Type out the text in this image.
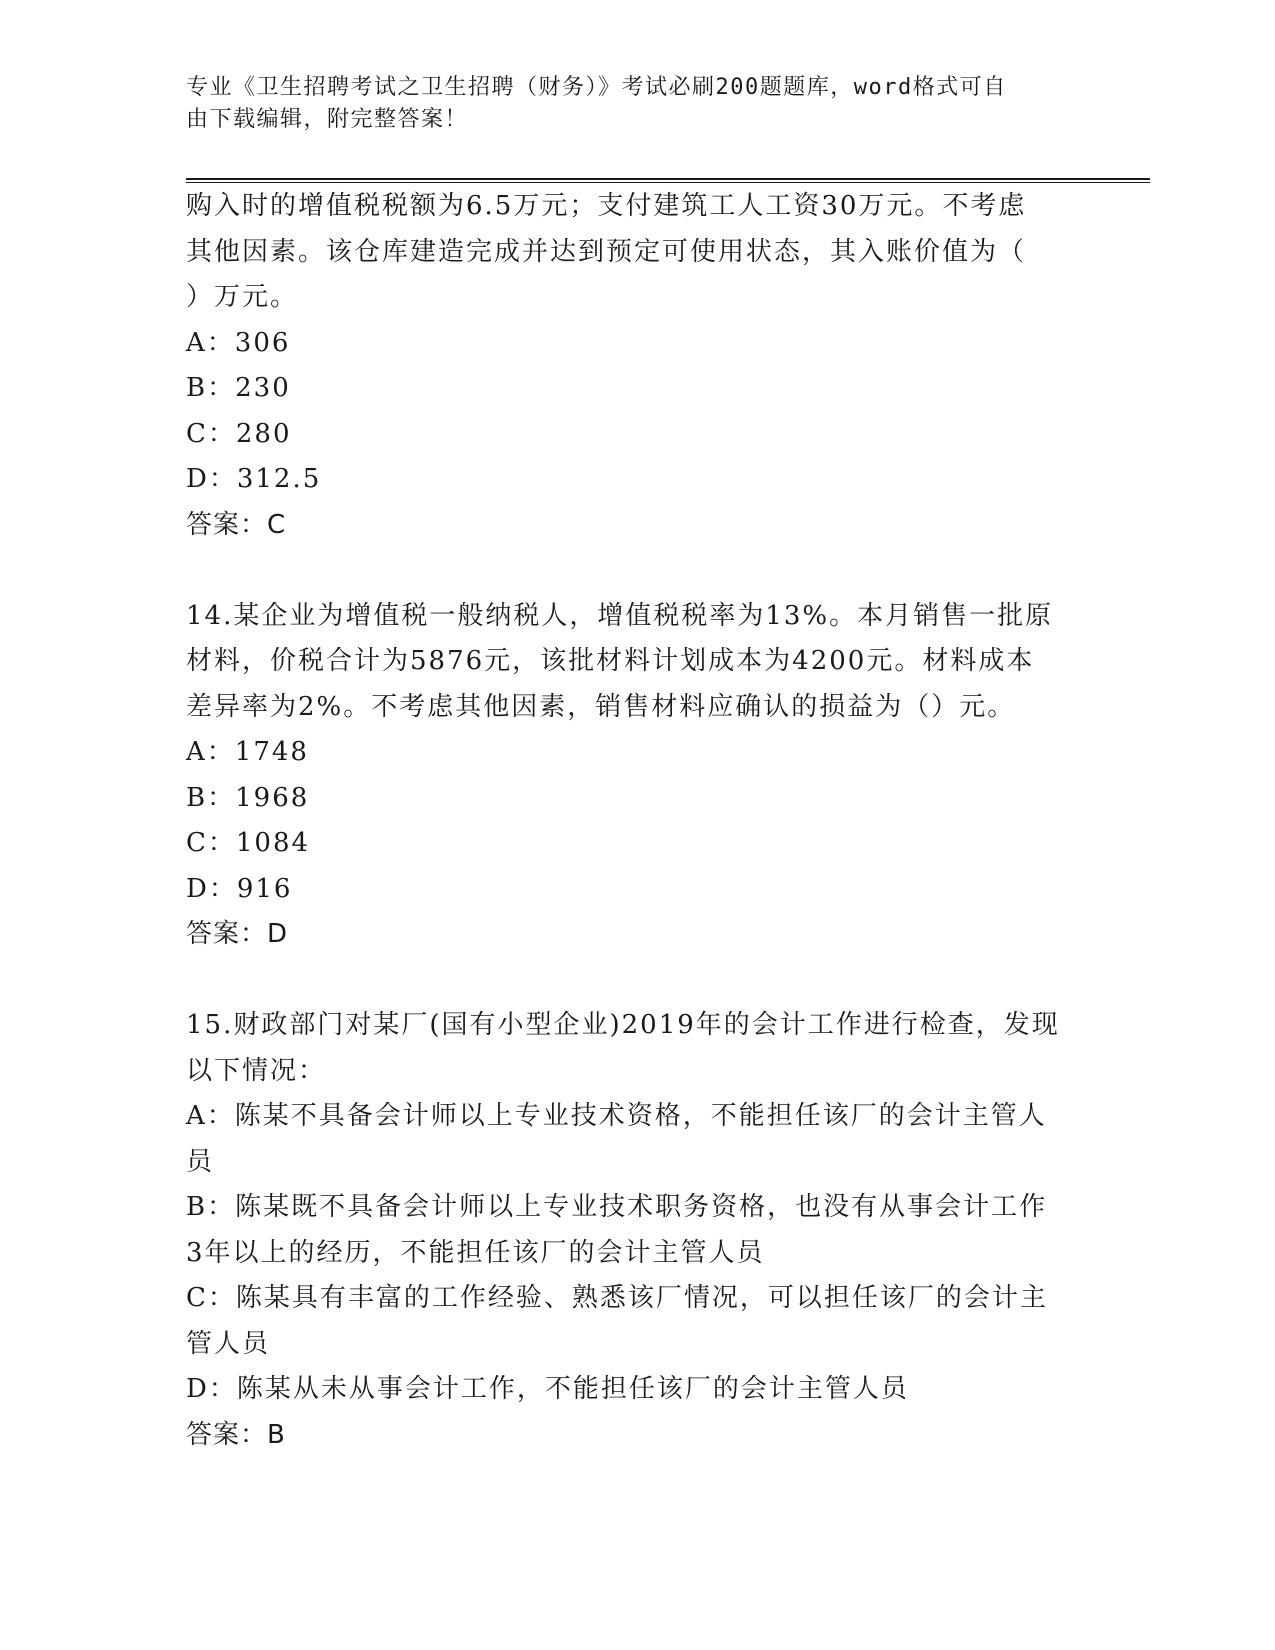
专业《卫生招聘考试之卫生招聘（财务）》考试必刷200题题库，word格式可自
由下载编辑，附完整答案！
购入时的增值税税额为6.5万元；支付建筑工人工资30万元。不考虑
其他因素。该仓库建造完成并达到预定可使用状态，其入账价值为（
）万元。
A：306
B：230
C：280
D：312.5
答案：C
14.某企业为增值税一般纳税人，增值税税率为13%。本月销售一批原
材料，价税合计为5876元，该批材料计划成本为4200元。材料成本
差异率为2%。不考虑其他因素，销售材料应确认的损益为（）元。
A：1748
B：1968
C：1084
D：916
答案：D
15.财政部门对某厂(国有小型企业)2019年的会计工作进行检查，发现
以下情况：
A：陈某不具备会计师以上专业技术资格，不能担任该厂的会计主管人
员
B：陈某既不具备会计师以上专业技术职务资格，也没有从事会计工作
3年以上的经历，不能担任该厂的会计主管人员
C：陈某具有丰富的工作经验、熟悉该厂情况，可以担任该厂的会计主
管人员
D：陈某从未从事会计工作，不能担任该厂的会计主管人员
答案：B
